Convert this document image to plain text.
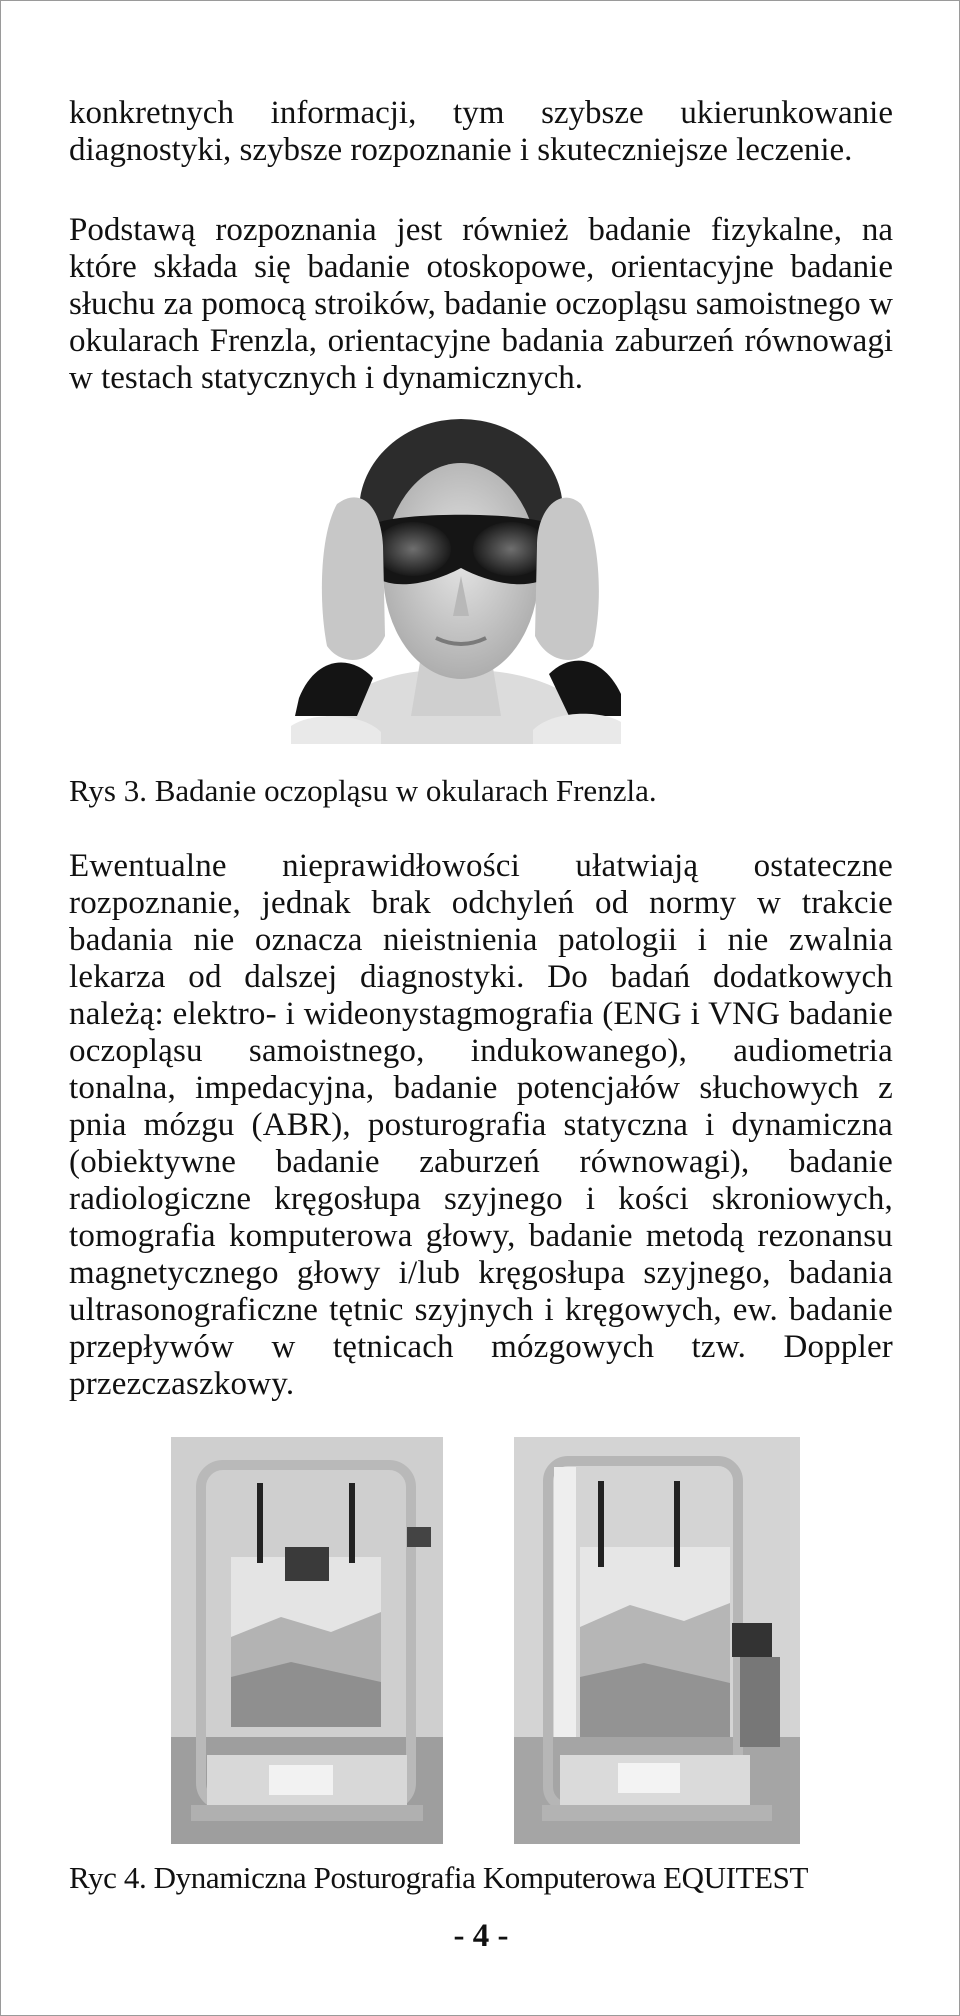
konkretnych informacji, tym szybsze ukierunkowanie diagnostyki, szybsze rozpoznanie i skuteczniejsze leczenie.

Podstawą rozpoznania jest również badanie fizykalne, na które składa się badanie otoskopowe, orientacyjne badanie słuchu za pomocą stroików, badanie oczopląsu samoistnego w okularach Frenzla, orientacyjne badania zaburzeń równowagi w testach statycznych i dynamicznych.

Rys 3. Badanie oczopląsu w okularach Frenzla.

Ewentualne nieprawidłowości ułatwiają ostateczne rozpoznanie, jednak brak odchyleń od normy w trakcie badania nie oznacza nieistnienia patologii i nie zwalnia lekarza od dalszej diagnostyki. Do badań dodatkowych należą: elektro- i wideonystagmografia (ENG i VNG badanie oczopląsu samoistnego, indukowanego), audiometria tonalna, impedacyjna, badanie potencjałów słuchowych z pnia mózgu (ABR), posturografia statyczna i dynamiczna (obiektywne badanie zaburzeń równowagi), badanie radiologiczne kręgosłupa szyjnego i kości skroniowych, tomografia komputerowa głowy, badanie metodą rezonansu magnetycznego głowy i/lub kręgosłupa szyjnego, badania ultrasonograficzne tętnic szyjnych i kręgowych, ew. badanie przepływów w tętnicach mózgowych tzw. Doppler przezczaszkowy.

Ryc 4. Dynamiczna Posturografia Komputerowa EQUITEST

- 4 -
